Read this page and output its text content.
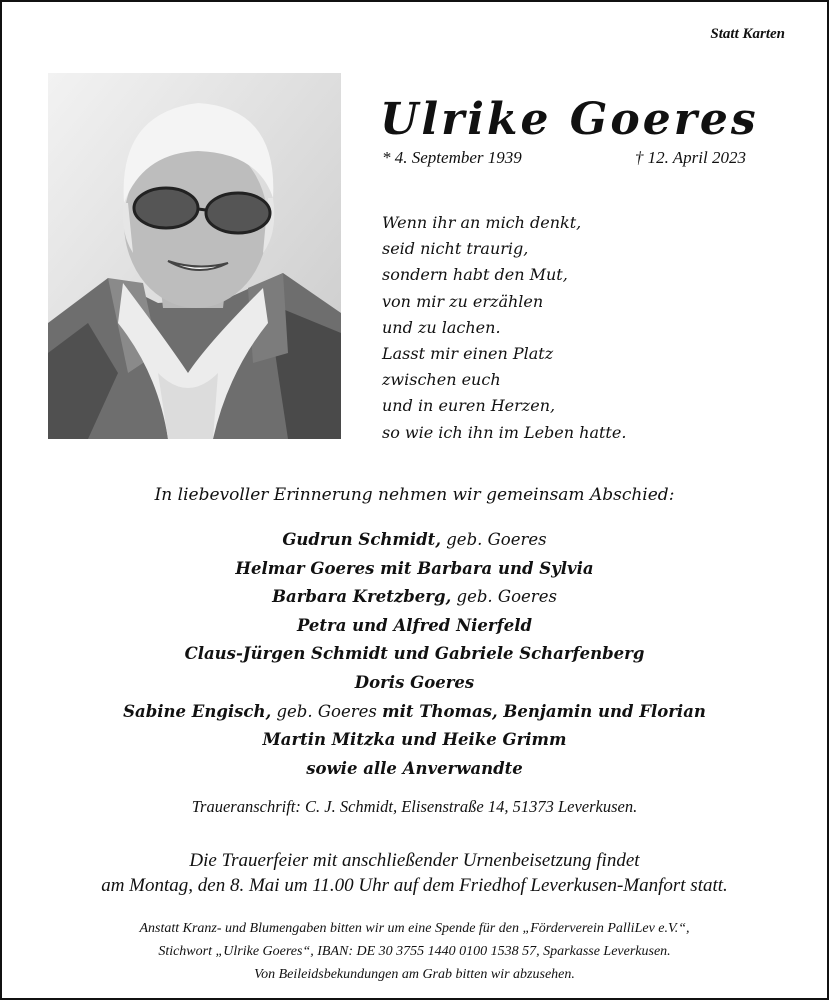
Statt Karten
Ulrike Goeres
* 4. September 1939	† 12. April 2023
Wenn ihr an mich denkt,
seid nicht traurig,
sondern habt den Mut,
von mir zu erzählen
und zu lachen.
Lasst mir einen Platz
zwischen euch
und in euren Herzen,
so wie ich ihn im Leben hatte.
In liebevoller Erinnerung nehmen wir gemeinsam Abschied:
Gudrun Schmidt, geb. Goeres
Helmar Goeres mit Barbara und Sylvia
Barbara Kretzberg, geb. Goeres
Petra und Alfred Nierfeld
Claus-Jürgen Schmidt und Gabriele Scharfenberg
Doris Goeres
Sabine Engisch, geb. Goeres mit Thomas, Benjamin und Florian
Martin Mitzka und Heike Grimm
sowie alle Anverwandte
Traueranschrift: C. J. Schmidt, Elisenstraße 14, 51373 Leverkusen.
Die Trauerfeier mit anschließender Urnenbeisetzung findet
am Montag, den 8. Mai um 11.00 Uhr auf dem Friedhof Leverkusen-Manfort statt.
Anstatt Kranz- und Blumengaben bitten wir um eine Spende für den „Förderverein PalliLev e.V.“,
Stichwort „Ulrike Goeres“, IBAN: DE 30 3755 1440 0100 1538 57, Sparkasse Leverkusen.
Von Beileidsbekundungen am Grab bitten wir abzusehen.
